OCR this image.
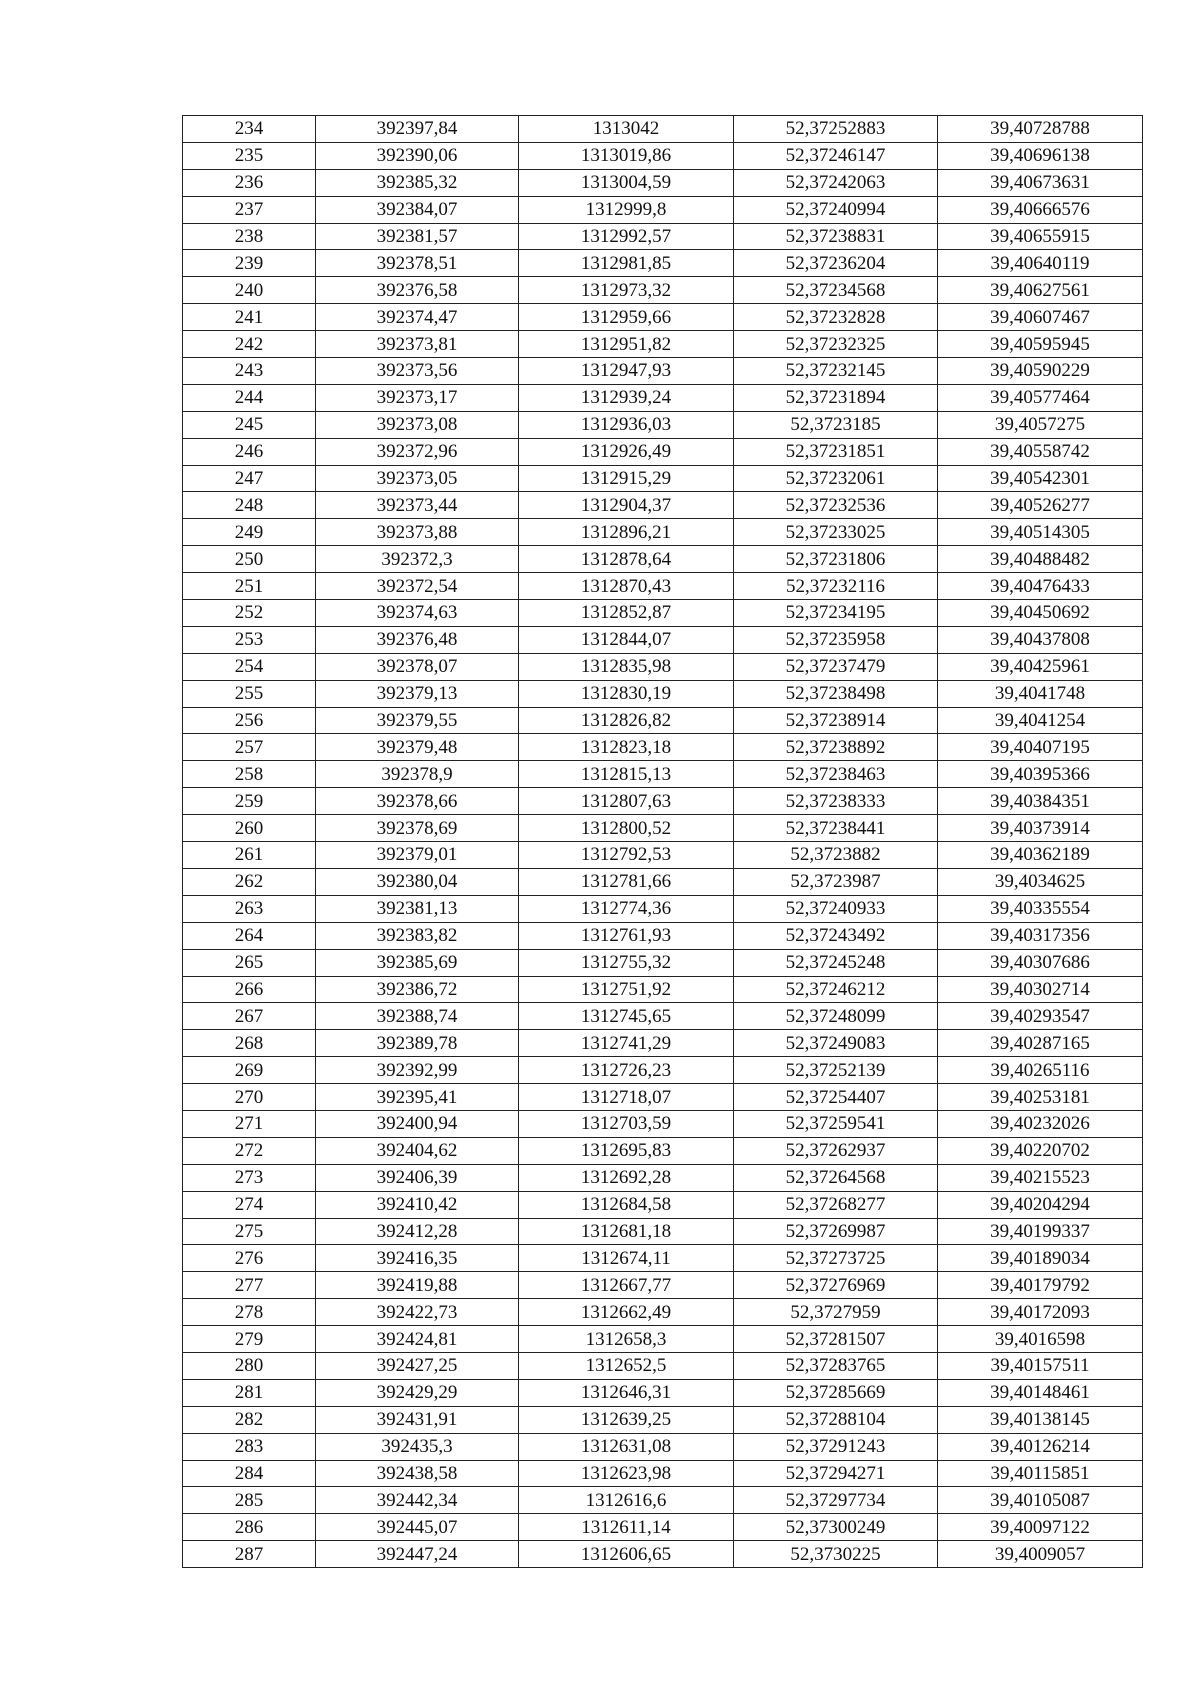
234	392397,84	1313042	52,37252883	39,40728788
235	392390,06	1313019,86	52,37246147	39,40696138
236	392385,32	1313004,59	52,37242063	39,40673631
237	392384,07	1312999,8	52,37240994	39,40666576
238	392381,57	1312992,57	52,37238831	39,40655915
239	392378,51	1312981,85	52,37236204	39,40640119
240	392376,58	1312973,32	52,37234568	39,40627561
241	392374,47	1312959,66	52,37232828	39,40607467
242	392373,81	1312951,82	52,37232325	39,40595945
243	392373,56	1312947,93	52,37232145	39,40590229
244	392373,17	1312939,24	52,37231894	39,40577464
245	392373,08	1312936,03	52,3723185	39,4057275
246	392372,96	1312926,49	52,37231851	39,40558742
247	392373,05	1312915,29	52,37232061	39,40542301
248	392373,44	1312904,37	52,37232536	39,40526277
249	392373,88	1312896,21	52,37233025	39,40514305
250	392372,3	1312878,64	52,37231806	39,40488482
251	392372,54	1312870,43	52,37232116	39,40476433
252	392374,63	1312852,87	52,37234195	39,40450692
253	392376,48	1312844,07	52,37235958	39,40437808
254	392378,07	1312835,98	52,37237479	39,40425961
255	392379,13	1312830,19	52,37238498	39,4041748
256	392379,55	1312826,82	52,37238914	39,4041254
257	392379,48	1312823,18	52,37238892	39,40407195
258	392378,9	1312815,13	52,37238463	39,40395366
259	392378,66	1312807,63	52,37238333	39,40384351
260	392378,69	1312800,52	52,37238441	39,40373914
261	392379,01	1312792,53	52,3723882	39,40362189
262	392380,04	1312781,66	52,3723987	39,4034625
263	392381,13	1312774,36	52,37240933	39,40335554
264	392383,82	1312761,93	52,37243492	39,40317356
265	392385,69	1312755,32	52,37245248	39,40307686
266	392386,72	1312751,92	52,37246212	39,40302714
267	392388,74	1312745,65	52,37248099	39,40293547
268	392389,78	1312741,29	52,37249083	39,40287165
269	392392,99	1312726,23	52,37252139	39,40265116
270	392395,41	1312718,07	52,37254407	39,40253181
271	392400,94	1312703,59	52,37259541	39,40232026
272	392404,62	1312695,83	52,37262937	39,40220702
273	392406,39	1312692,28	52,37264568	39,40215523
274	392410,42	1312684,58	52,37268277	39,40204294
275	392412,28	1312681,18	52,37269987	39,40199337
276	392416,35	1312674,11	52,37273725	39,40189034
277	392419,88	1312667,77	52,37276969	39,40179792
278	392422,73	1312662,49	52,3727959	39,40172093
279	392424,81	1312658,3	52,37281507	39,4016598
280	392427,25	1312652,5	52,37283765	39,40157511
281	392429,29	1312646,31	52,37285669	39,40148461
282	392431,91	1312639,25	52,37288104	39,40138145
283	392435,3	1312631,08	52,37291243	39,40126214
284	392438,58	1312623,98	52,37294271	39,40115851
285	392442,34	1312616,6	52,37297734	39,40105087
286	392445,07	1312611,14	52,37300249	39,40097122
287	392447,24	1312606,65	52,3730225	39,4009057
